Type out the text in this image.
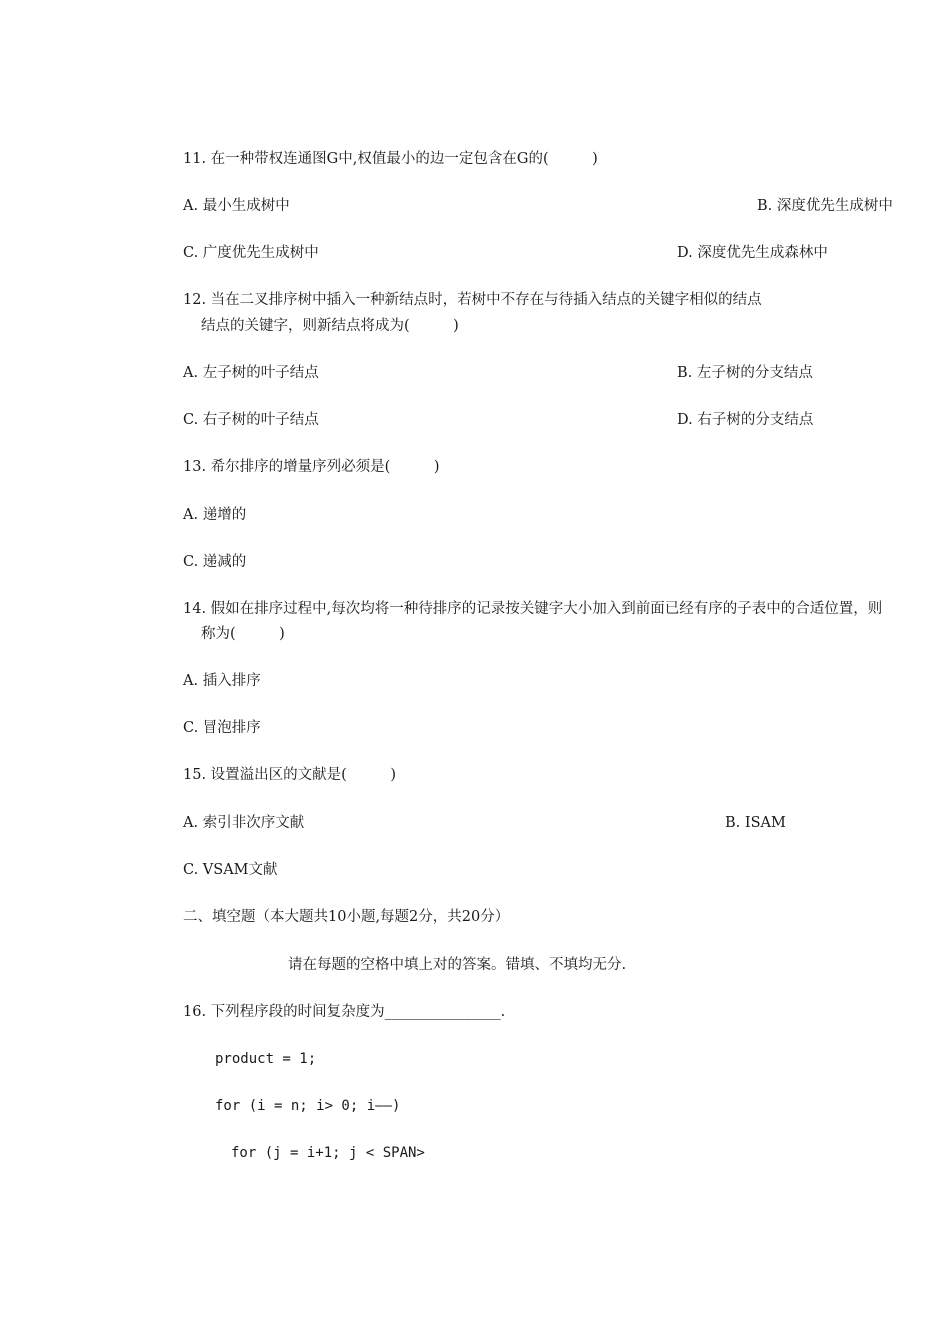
11. 在一种带权连通图G中,权值最小的边一定包含在G的(　　　)
A. 最小生成树中	B. 深度优先生成树中
C. 广度优先生成树中	D. 深度优先生成森林中
12. 当在二叉排序树中插入一种新结点时，若树中不存在与待插入结点的关键字相似的结点
结点的关键字，则新结点将成为(　　　)
A. 左子树的叶子结点	B. 左子树的分支结点
C. 右子树的叶子结点	D. 右子树的分支结点
13. 希尔排序的增量序列必须是(　　　)
A. 递增的
C. 递减的
14. 假如在排序过程中,每次均将一种待排序的记录按关键字大小加入到前面已经有序的子表中的合适位置，则
称为(　　　)
A. 插入排序
C. 冒泡排序
15. 设置溢出区的文献是(　　　)
A. 索引非次序文献	B. ISAM
C. VSAM文献
二、填空题（本大题共10小题,每题2分，共20分）
请在每题的空格中填上对的答案。错填、不填均无分.
16. 下列程序段的时间复杂度为________________.
product = 1;
for (i = n; i> 0; i——)
for (j = i+1; j < SPAN>
